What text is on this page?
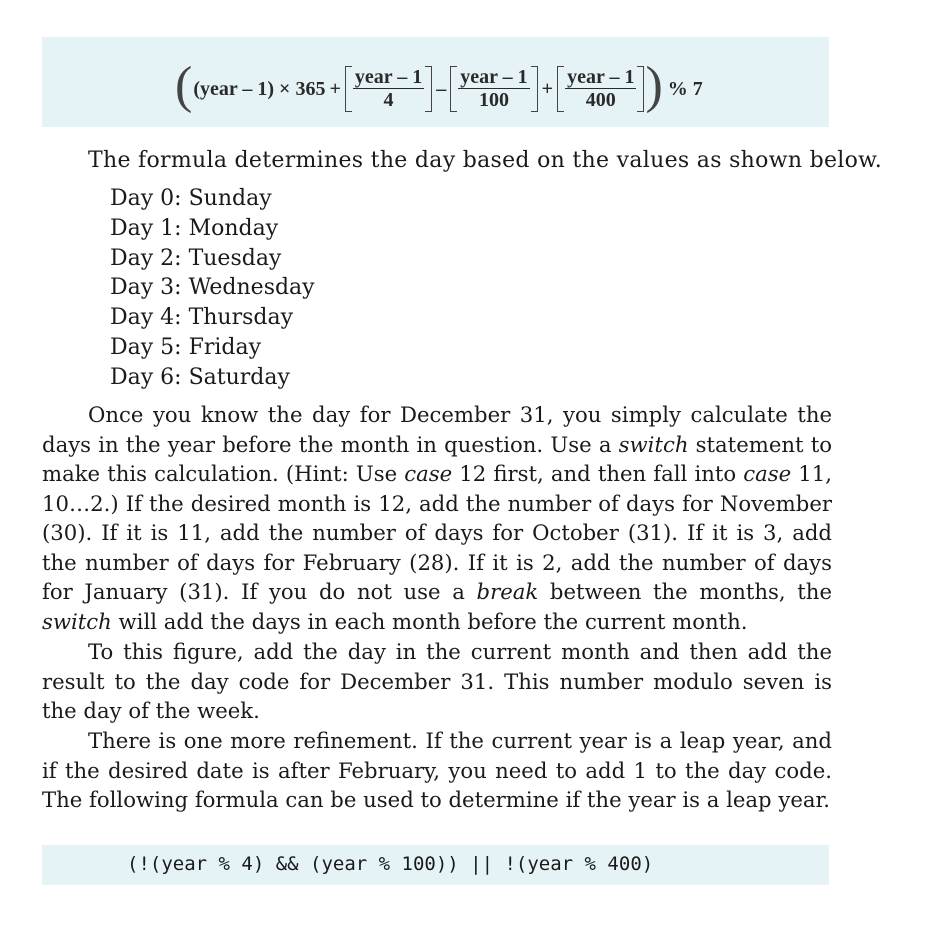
( (year – $1) \times 365 + \frac{\text{year – 1}}{4} - \frac{\text{year – 1}}{100} + \frac{\text{year – 1}}{400}$ ) % 7
The formula determines the day based on the values as shown below.
Day 0: Sunday
Day 1: Monday
Day 2: Tuesday
Day 3: Wednesday
Day 4: Thursday
Day 5: Friday
Day 6: Saturday

Once you know the day for December 31, you simply calculate the days in the year before the month in question. Use a switch statement to make this calculation. (Hint: Use case 12 first, and then fall into case 11, 10…2.) If the desired month is 12, add the number of days for November (30). If it is 11, add the number of days for October (31). If it is 3, add the number of days for February (28). If it is 2, add the number of days for January (31). If you do not use a break between the months, the switch will add the days in each month before the current month.

To this figure, add the day in the current month and then add the result to the day code for December 31. This number modulo seven is the day of the week.

There is one more refinement. If the current year is a leap year, and if the desired date is after February, you need to add 1 to the day code. The following formula can be used to determine if the year is a leap year.

(!(year % 4) && (year % 100)) || !(year % 400)
